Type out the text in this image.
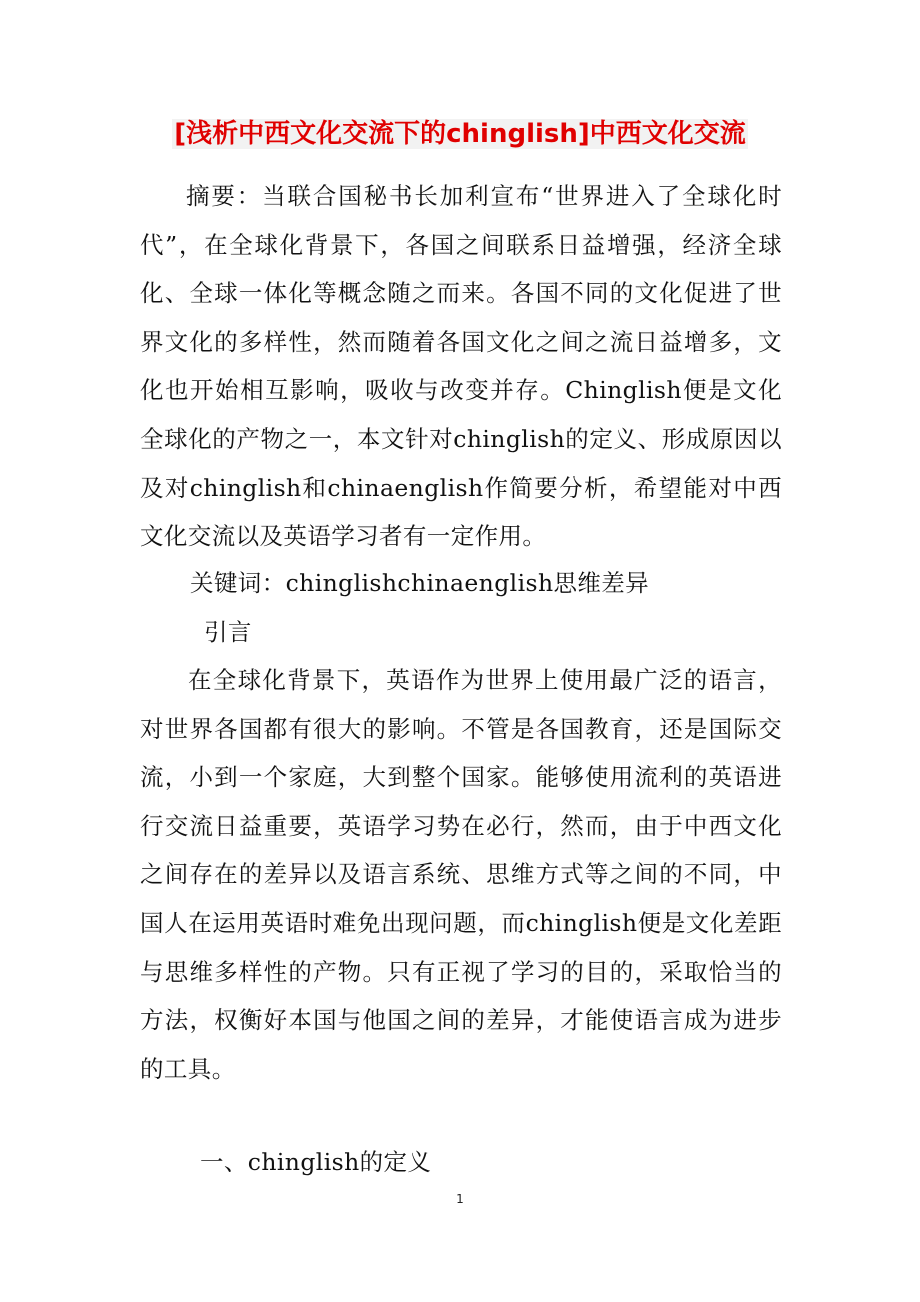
[浅析中西文化交流下的chinglish]中西文化交流

摘要：当联合国秘书长加利宣布“世界进入了全球化时代”，在全球化背景下，各国之间联系日益增强，经济全球化、全球一体化等概念随之而来。各国不同的文化促进了世界文化的多样性，然而随着各国文化之间之流日益增多，文化也开始相互影响，吸收与改变并存。Chinglish便是文化全球化的产物之一，本文针对chinglish的定义、形成原因以及对chinglish和chinaenglish作简要分析，希望能对中西文化交流以及英语学习者有一定作用。

关键词：chinglishchinaenglish思维差异

引言

在全球化背景下，英语作为世界上使用最广泛的语言，对世界各国都有很大的影响。不管是各国教育，还是国际交流，小到一个家庭，大到整个国家。能够使用流利的英语进行交流日益重要，英语学习势在必行，然而，由于中西文化之间存在的差异以及语言系统、思维方式等之间的不同，中国人在运用英语时难免出现问题，而chinglish便是文化差距与思维多样性的产物。只有正视了学习的目的，采取恰当的方法，权衡好本国与他国之间的差异，才能使语言成为进步的工具。

一、chinglish的定义

1
